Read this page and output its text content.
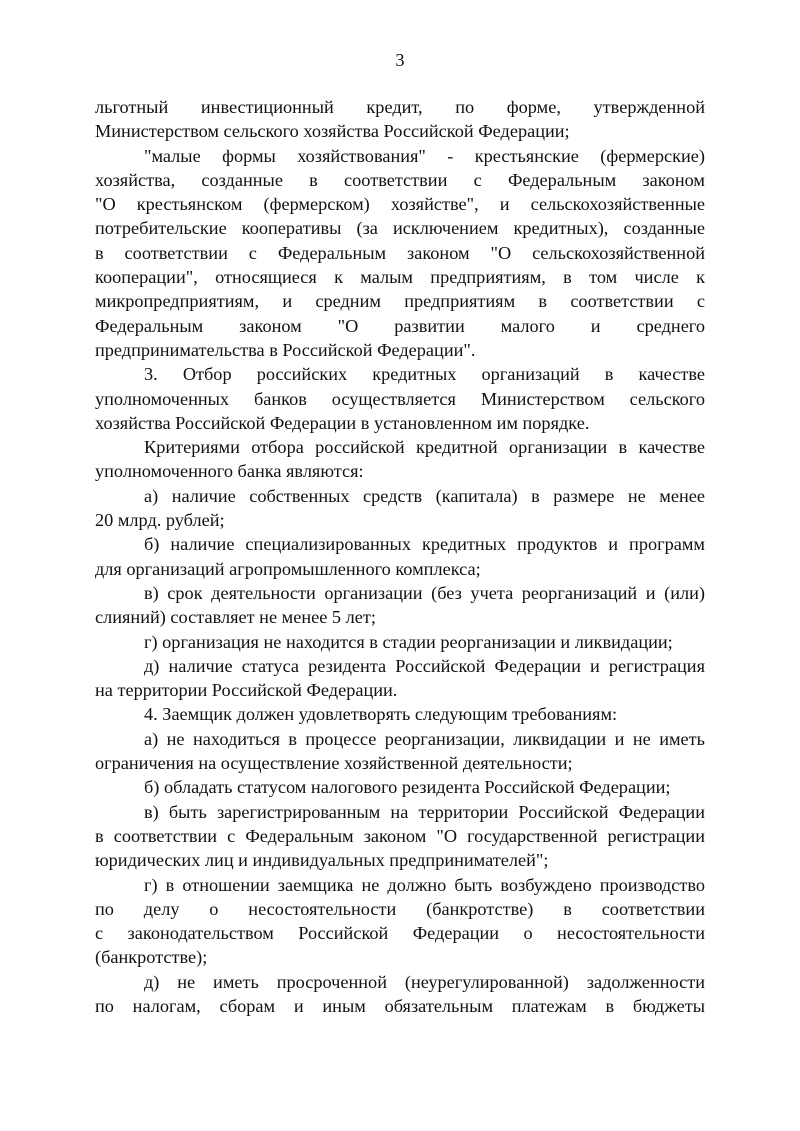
3
льготный инвестиционный кредит, по форме, утвержденной
Министерством сельского хозяйства Российской Федерации;
"малые формы хозяйствования" - крестьянские (фермерские)
хозяйства, созданные в соответствии с Федеральным законом
"О крестьянском (фермерском) хозяйстве", и сельскохозяйственные
потребительские кооперативы (за исключением кредитных), созданные
в соответствии с Федеральным законом "О сельскохозяйственной
кооперации", относящиеся к малым предприятиям, в том числе к
микропредприятиям, и средним предприятиям в соответствии с
Федеральным законом "О развитии малого и среднего
предпринимательства в Российской Федерации".
3. Отбор российских кредитных организаций в качестве
уполномоченных банков осуществляется Министерством сельского
хозяйства Российской Федерации в установленном им порядке.
Критериями отбора российской кредитной организации в качестве
уполномоченного банка являются:
а) наличие собственных средств (капитала) в размере не менее
20 млрд. рублей;
б) наличие специализированных кредитных продуктов и программ
для организаций агропромышленного комплекса;
в) срок деятельности организации (без учета реорганизаций и (или)
слияний) составляет не менее 5 лет;
г) организация не находится в стадии реорганизации и ликвидации;
д) наличие статуса резидента Российской Федерации и регистрация
на территории Российской Федерации.
4. Заемщик должен удовлетворять следующим требованиям:
а) не находиться в процессе реорганизации, ликвидации и не иметь
ограничения на осуществление хозяйственной деятельности;
б) обладать статусом налогового резидента Российской Федерации;
в) быть зарегистрированным на территории Российской Федерации
в соответствии с Федеральным законом "О государственной регистрации
юридических лиц и индивидуальных предпринимателей";
г) в отношении заемщика не должно быть возбуждено производство
по делу о несостоятельности (банкротстве) в соответствии
с законодательством Российской Федерации о несостоятельности
(банкротстве);
д) не иметь просроченной (неурегулированной) задолженности
по налогам, сборам и иным обязательным платежам в бюджеты
